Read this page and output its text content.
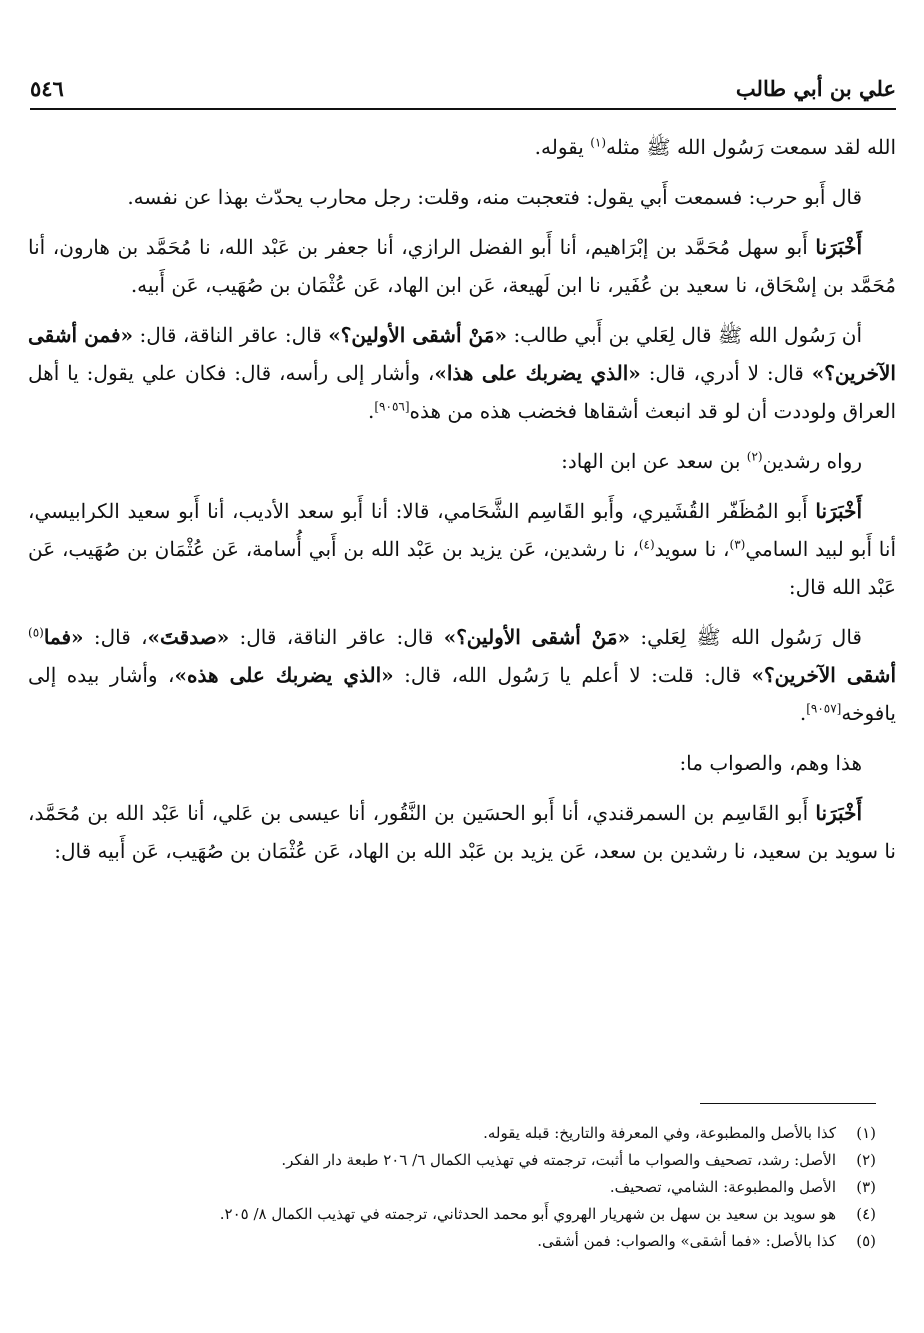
علي بن أبي طالب
٥٤٦

الله لقد سمعت رَسُول الله ﷺ مثله$^{(١)}$ يقوله.

قال أَبو حرب: فسمعت أَبي يقول: فتعجبت منه، وقلت: رجل محارب يحدّث بهذا عن نفسه.

أَخْبَرَنا أَبو سهل مُحَمَّد بن إبْرَاهيم، أنا أَبو الفضل الرازي، أنا جعفر بن عَبْد الله، نا مُحَمَّد بن هارون، أنا مُحَمَّد بن إسْحَاق، نا سعيد بن عُفَير، نا ابن لَهيعة، عَن ابن الهاد، عَن عُثْمَان بن صُهَيب، عَن أَبيه.

أن رَسُول الله ﷺ قال لِعَلي بن أَبي طالب: «مَنْ أشقى الأولين؟» قال: عاقر الناقة، قال: «فمن أشقى الآخرين؟» قال: لا أدري، قال: «الذي يضربك على هذا»، وأشار إلى رأسه، قال: فكان علي يقول: يا أهل العراق ولوددت أن لو قد انبعث أشقاها فخضب هذه من هذه[٩٠٥٦].

رواه رشدين$^{(٢)}$ بن سعد عن ابن الهاد:

أَخْبَرَنا أَبو المُظَفّر القُشَيري، وأَبو القَاسِم الشَّحَامي، قالا: أنا أَبو سعد الأديب، أنا أَبو سعيد الكرابيسي، أنا أَبو لبيد السامي$^{(٣)}$، نا سويد$^{(٤)}$، نا رشدين، عَن يزيد بن عَبْد الله بن أَبي أُسامة، عَن عُثْمَان بن صُهَيب، عَن عَبْد الله قال:

قال رَسُول الله ﷺ لِعَلي: «مَنْ أشقى الأولين؟» قال: عاقر الناقة، قال: «صدقتَ»، قال: «فما$^{(٥)}$ أشقى الآخرين؟» قال: قلت: لا أعلم يا رَسُول الله، قال: «الذي يضربك على هذه»، وأشار بيده إلى يافوخه[٩٠٥٧].

هذا وهم، والصواب ما:

أَخْبَرَنا أَبو القَاسِم بن السمرقندي، أنا أَبو الحسَين بن النَّقُور، أنا عيسى بن عَلي، أنا عَبْد الله بن مُحَمَّد، نا سويد بن سعيد، نا رشدين بن سعد، عَن يزيد بن عَبْد الله بن الهاد، عَن عُثْمَان بن صُهَيب، عَن أَبيه قال:

(١)
كذا بالأصل والمطبوعة، وفي المعرفة والتاريخ: قبله يقوله.
(٢)
الأصل: رشد، تصحيف والصواب ما أثبت، ترجمته في تهذيب الكمال ٦/ ٢٠٦ طبعة دار الفكر.
(٣)
الأصل والمطبوعة: الشامي، تصحيف.
(٤)
هو سويد بن سعيد بن سهل بن شهريار الهروي أَبو محمد الحدثاني، ترجمته في تهذيب الكمال ٨/ ٢٠٥.
(٥)
كذا بالأصل: «فما أشقى» والصواب: فمن أشقى.
